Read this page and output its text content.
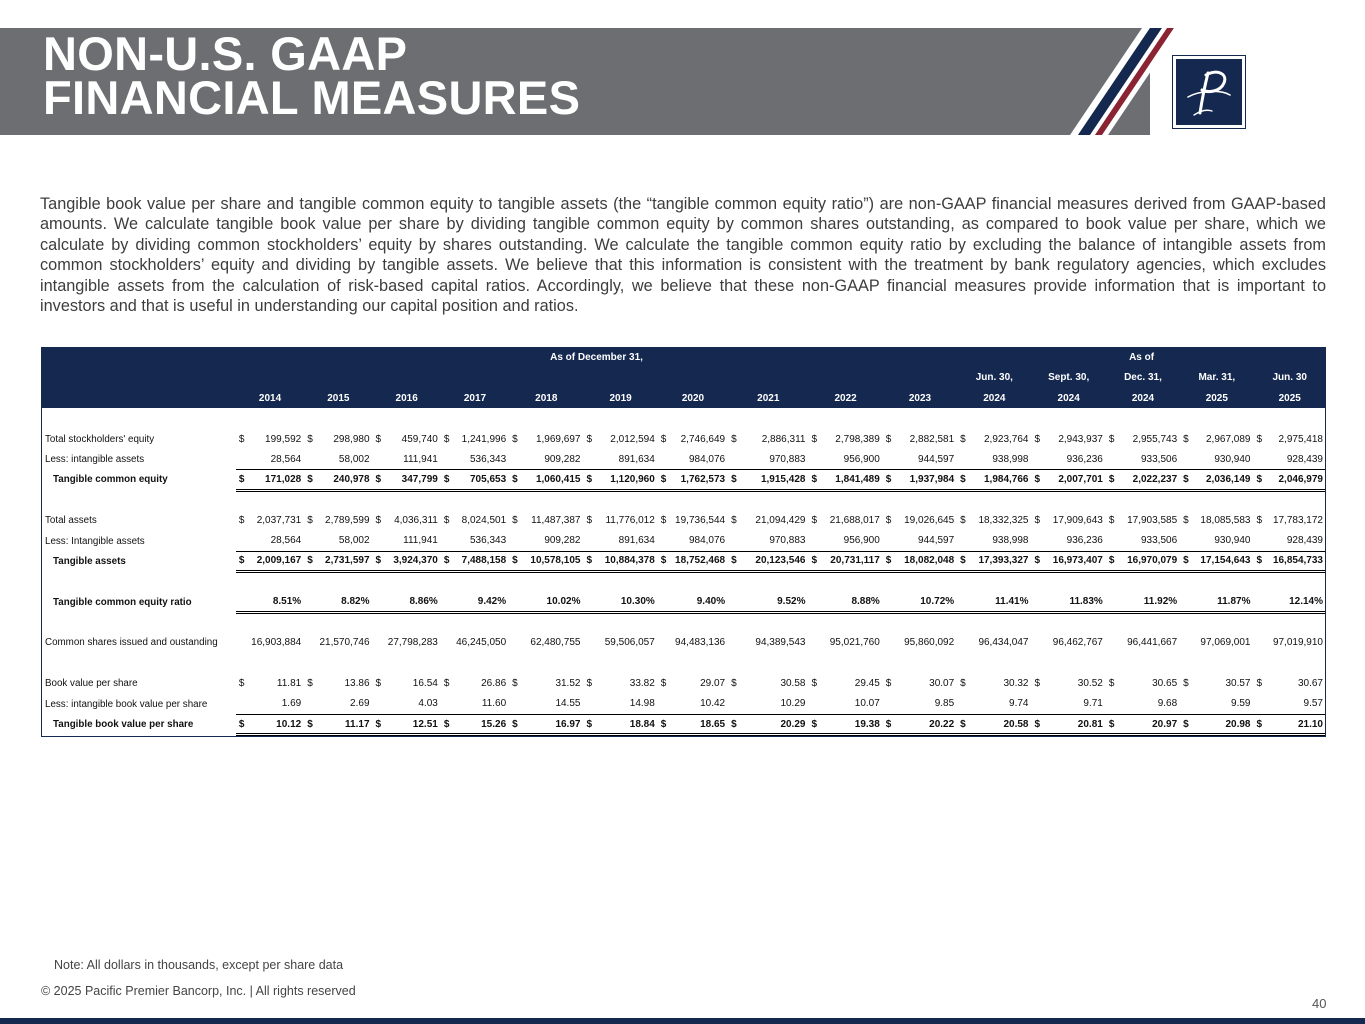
NON-U.S. GAAP
FINANCIAL MEASURES

Tangible book value per share and tangible common equity to tangible assets (the “tangible common equity ratio”) are non-GAAP financial measures derived from GAAP-based amounts. We calculate tangible book value per share by dividing tangible common equity by common shares outstanding, as compared to book value per share, which we calculate by dividing common stockholders’ equity by shares outstanding. We calculate the tangible common equity ratio by excluding the balance of intangible assets from common stockholders’ equity and dividing by tangible assets. We believe that this information is consistent with the treatment by bank regulatory agencies, which excludes intangible assets from the calculation of risk-based capital ratios. Accordingly, we believe that these non-GAAP financial measures provide information that is important to investors and that is useful in understanding our capital position and ratios.

	As of December 31,										As of				
											Jun. 30,	Sept. 30,	Dec. 31,	Mar. 31,	Jun. 30
	2014	2015	2016	2017	2018	2019	2020	2021	2022	2023	2024	2024	2024	2025	2025

Total stockholders' equity	$ 199,592	$ 298,980	$ 459,740	$ 1,241,996	$ 1,969,697	$ 2,012,594	$ 2,746,649	$ 2,886,311	$ 2,798,389	$ 2,882,581	$ 2,923,764	$ 2,943,937	$ 2,955,743	$ 2,967,089	$ 2,975,418
Less: intangible assets	28,564	58,002	111,941	536,343	909,282	891,634	984,076	970,883	956,900	944,597	938,998	936,236	933,506	930,940	928,439
Tangible common equity	$ 171,028	$ 240,978	$ 347,799	$ 705,653	$ 1,060,415	$ 1,120,960	$ 1,762,573	$ 1,915,428	$ 1,841,489	$ 1,937,984	$ 1,984,766	$ 2,007,701	$ 2,022,237	$ 2,036,149	$ 2,046,979

Total assets	$ 2,037,731	$ 2,789,599	$ 4,036,311	$ 8,024,501	$ 11,487,387	$ 11,776,012	$ 19,736,544	$ 21,094,429	$ 21,688,017	$ 19,026,645	$ 18,332,325	$ 17,909,643	$ 17,903,585	$ 18,085,583	$ 17,783,172
Less: Intangible assets	28,564	58,002	111,941	536,343	909,282	891,634	984,076	970,883	956,900	944,597	938,998	936,236	933,506	930,940	928,439
Tangible assets	$ 2,009,167	$ 2,731,597	$ 3,924,370	$ 7,488,158	$ 10,578,105	$ 10,884,378	$ 18,752,468	$ 20,123,546	$ 20,731,117	$ 18,082,048	$ 17,393,327	$ 16,973,407	$ 16,970,079	$ 17,154,643	$ 16,854,733

Tangible common equity ratio	8.51%	8.82%	8.86%	9.42%	10.02%	10.30%	9.40%	9.52%	8.88%	10.72%	11.41%	11.83%	11.92%	11.87%	12.14%

Common shares issued and oustanding	16,903,884	21,570,746	27,798,283	46,245,050	62,480,755	59,506,057	94,483,136	94,389,543	95,021,760	95,860,092	96,434,047	96,462,767	96,441,667	97,069,001	97,019,910

Book value per share	$ 11.81	$ 13.86	$ 16.54	$ 26.86	$ 31.52	$ 33.82	$ 29.07	$ 30.58	$ 29.45	$ 30.07	$ 30.32	$ 30.52	$ 30.65	$ 30.57	$ 30.67
Less: intangible book value per share	1.69	2.69	4.03	11.60	14.55	14.98	10.42	10.29	10.07	9.85	9.74	9.71	9.68	9.59	9.57
Tangible book value per share	$ 10.12	$ 11.17	$ 12.51	$ 15.26	$ 16.97	$ 18.84	$ 18.65	$ 20.29	$ 19.38	$ 20.22	$ 20.58	$ 20.81	$ 20.97	$ 20.98	$ 21.10
Note: All dollars in thousands, except per share data
© 2025 Pacific Premier Bancorp, Inc. | All rights reserved
40
